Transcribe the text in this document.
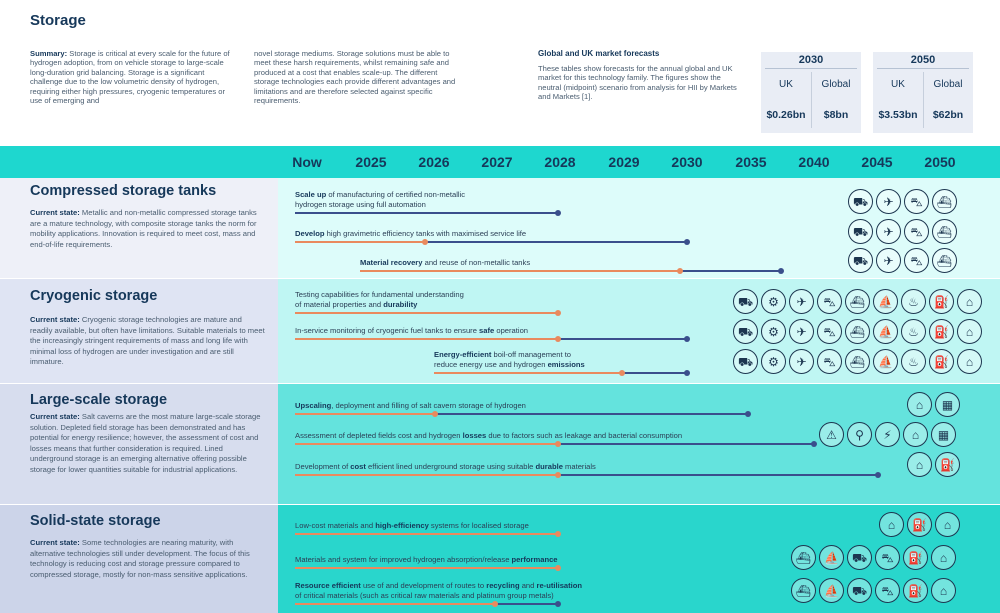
Storage
Summary: Storage is critical at every scale for the future of hydrogen adoption, from on vehicle storage to large-scale long-duration grid balancing. Storage is a significant challenge due to the low volumetric density of hydrogen, requiring either high pressures, cryogenic temperatures or use of emerging and
novel storage mediums. Storage solutions must be able to meet these harsh requirements, whilst remaining safe and produced at a cost that enables scale-up. The different storage technologies each provide different advantages and limitations and are therefore selected against specific requirements.
Global and UK market forecasts
These tables show forecasts for the annual global and UK market for this technology family. The figures show the neutral (midpoint) scenario from analysis for HII by Markets and Markets [1].
2030
UK	Global
$0.26bn	$8bn
2050
UK	Global
$3.53bn	$62bn
Now 2025 2026 2027 2028 2029 2030 2035 2040 2045 2050
Compressed storage tanks
Current state: Metallic and non-metallic compressed storage tanks are a mature technology, with composite storage tanks the norm for mobility applications. Innovation is required to meet cost, mass and end-of-life requirements.
Scale up of manufacturing of certified non-metallic
hydrogen storage using full automation
Develop high gravimetric efficiency tanks with maximised service life
Material recovery and reuse of non-metallic tanks
⛟	✈	⛍	⛴
⛟	✈	⛍	⛴
⛟	✈	⛍	⛴
Cryogenic storage
Current state: Cryogenic storage technologies are mature and readily available, but often have limitations. Suitable materials to meet the increasingly stringent requirements of mass and long life with minimal loss of hydrogen are under investigation and are still immature.
Testing capabilities for fundamental understanding
of material properties and durability
In-service monitoring of cryogenic fuel tanks to ensure safe operation
Energy-efficient boil-off management to
reduce energy use and hydrogen emissions
⛟	⚙	✈	⛍	⛴	⛵	♨	⛽	⌂
⛟	⚙	✈	⛍	⛴	⛵	♨	⛽	⌂
⛟	⚙	✈	⛍	⛴	⛵	♨	⛽	⌂
Large-scale storage
Current state: Salt caverns are the most mature large-scale storage solution. Depleted field storage has been demonstrated and has potential for energy resilience; however, the assessment of cost and losses means that further consideration is required. Lined underground storage is an emerging alternative offering possible storage for lower quantities suitable for industrial applications.
Upscaling, deployment and filling of salt cavern storage of hydrogen
Assessment of depleted fields cost and hydrogen losses due to factors such as leakage and bacterial consumption
Development of cost efficient lined underground storage using suitable durable materials
⌂	▦
⚠	⚲	⚡	⌂	▦
⌂	⛽
Solid-state storage
Current state: Some technologies are nearing maturity, with alternative technologies still under development. The focus of this technology is reducing cost and storage pressure compared to compressed storage, mostly for non-mass sensitive applications.
Low-cost materials and high-efficiency systems for localised storage
Materials and system for improved hydrogen absorption/release performance
Resource efficient use of and development of routes to recycling and re-utilisation
of critical materials (such as critical raw materials and platinum group metals)
⌂	⛽	⌂
⛴	⛵	⛟	⛍	⛽	⌂
⛴	⛵	⛟	⛍	⛽	⌂
